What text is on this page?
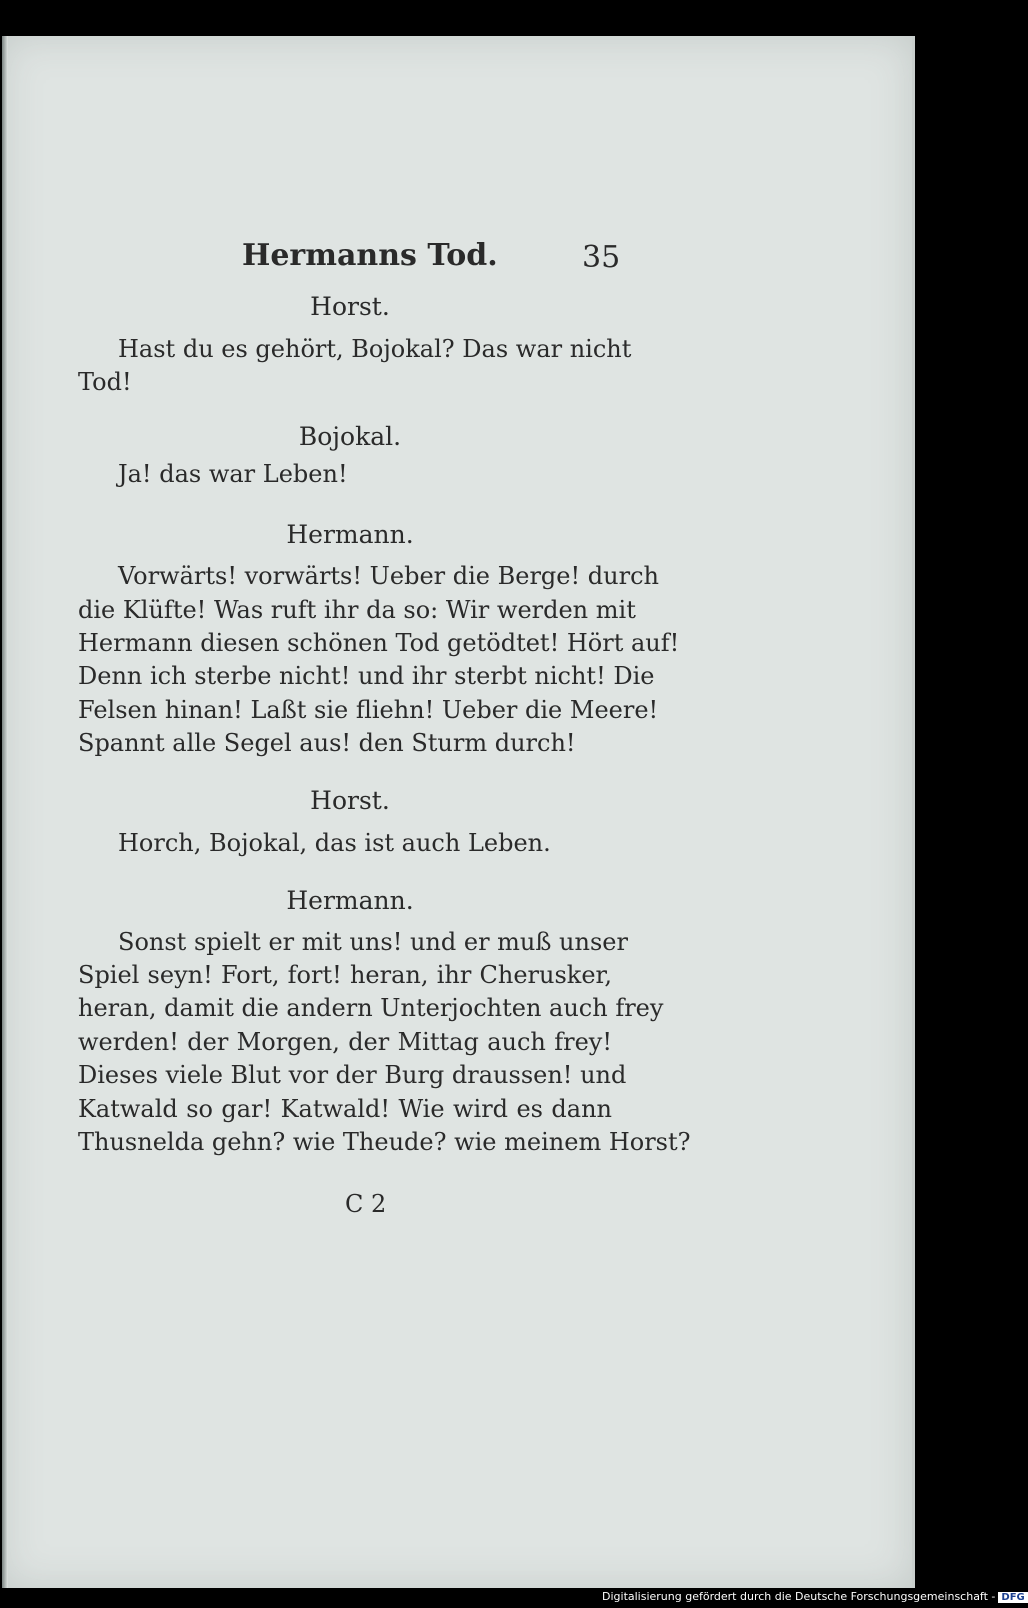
Hermanns Tod.	35
Horst.
Hast du es gehört, Bojokal? Das war nicht
Tod!
Bojokal.
Ja! das war Leben!
Hermann.
Vorwärts! vorwärts! Ueber die Berge! durch
die Klüfte! Was ruft ihr da so: Wir werden mit
Hermann diesen schönen Tod getödtet! Hört auf!
Denn ich sterbe nicht! und ihr sterbt nicht! Die
Felsen hinan! Laßt sie fliehn! Ueber die Meere!
Spannt alle Segel aus! den Sturm durch!
Horst.
Horch, Bojokal, das ist auch Leben.
Hermann.
Sonst spielt er mit uns! und er muß unser
Spiel seyn! Fort, fort! heran, ihr Cherusker,
heran, damit die andern Unterjochten auch frey
werden! der Morgen, der Mittag auch frey!
Dieses viele Blut vor der Burg draussen! und
Katwald so gar! Katwald! Wie wird es dann
Thusnelda gehn? wie Theude? wie meinem Horst?
C 2
Digitalisierung gefördert durch die Deutsche Forschungsgemeinschaft - DFG
